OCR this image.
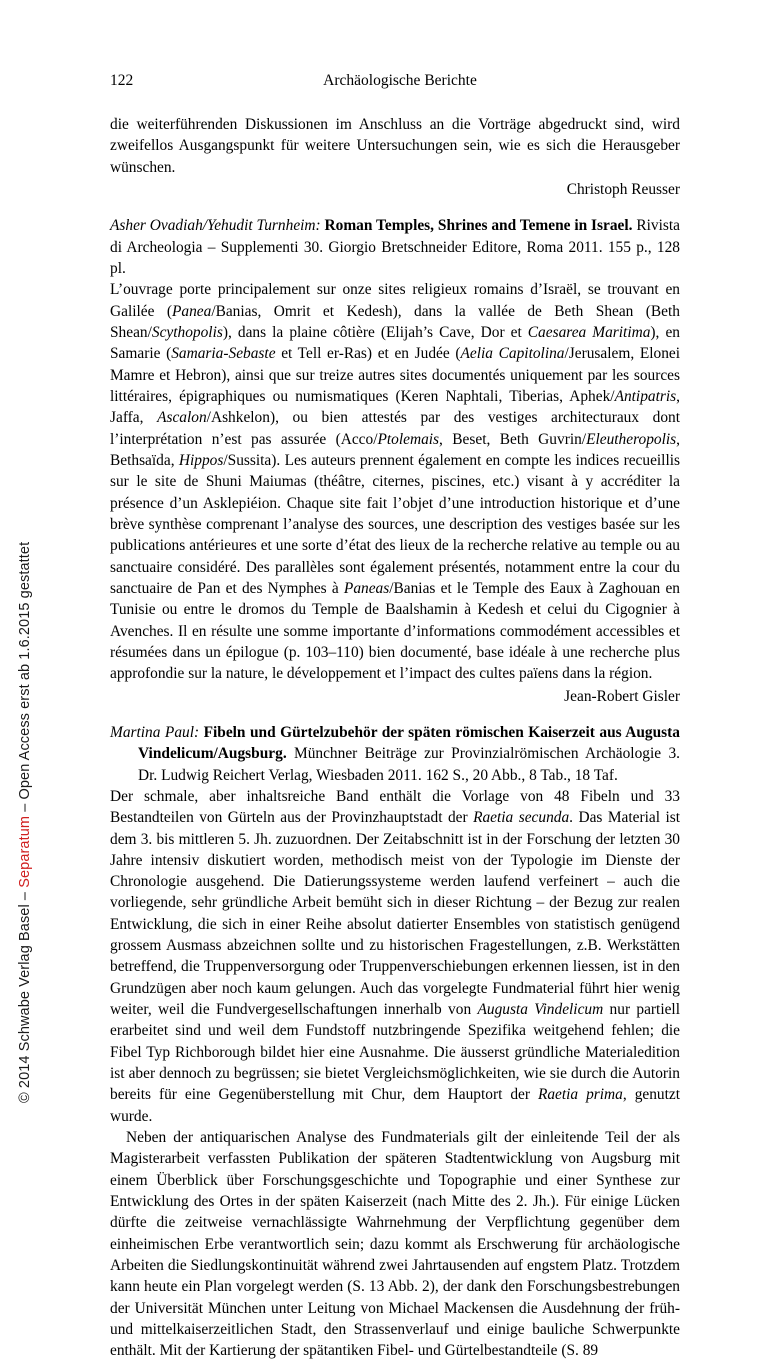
© 2014 Schwabe Verlag Basel – Separatum – Open Access erst ab 1.6.2015 gestattet
122	Archäologische Berichte

die weiterführenden Diskussionen im Anschluss an die Vorträge abgedruckt sind, wird zweifellos Ausgangspunkt für weitere Untersuchungen sein, wie es sich die Herausgeber wünschen.

Christoph Reusser

Asher Ovadiah/Yehudit Turnheim: Roman Temples, Shrines and Temene in Israel. Rivista di Archeologia – Supplementi 30. Giorgio Bretschneider Editore, Roma 2011. 155 p., 128 pl.

L’ouvrage porte principalement sur onze sites religieux romains d’Israël, se trouvant en Galilée (Panea/Banias, Omrit et Kedesh), dans la vallée de Beth Shean (Beth Shean/Scythopolis), dans la plaine côtière (Elijah’s Cave, Dor et Caesarea Maritima), en Samarie (Samaria-Sebaste et Tell er-Ras) et en Judée (Aelia Capitolina/Jerusalem, Elonei Mamre et Hebron), ainsi que sur treize autres sites documentés uniquement par les sources littéraires, épigraphiques ou numismatiques (Keren Naphtali, Tiberias, Aphek/Antipatris, Jaffa, Ascalon/Ashkelon), ou bien attestés par des vestiges architecturaux dont l’interprétation n’est pas assurée (Acco/Ptolemais, Beset, Beth Guvrin/Eleutheropolis, Bethsaïda, Hippos/Sussita). Les auteurs prennent également en compte les indices recueillis sur le site de Shuni Maiumas (théâtre, citernes, piscines, etc.) visant à y accréditer la présence d’un Asklepiéion. Chaque site fait l’objet d’une introduction historique et d’une brève synthèse comprenant l’analyse des sources, une description des vestiges basée sur les publications antérieures et une sorte d’état des lieux de la recherche relative au temple ou au sanctuaire considéré. Des parallèles sont également présentés, notamment entre la cour du sanctuaire de Pan et des Nymphes à Paneas/Banias et le Temple des Eaux à Zaghouan en Tunisie ou entre le dromos du Temple de Baalshamin à Kedesh et celui du Cigognier à Avenches. Il en résulte une somme importante d’informations commodément accessibles et résumées dans un épilogue (p. 103–110) bien documenté, base idéale à une recherche plus approfondie sur la nature, le développement et l’impact des cultes païens dans la région.

Jean-Robert Gisler

Martina Paul: Fibeln und Gürtelzubehör der späten römischen Kaiserzeit aus Augusta Vindelicum/Augsburg. Münchner Beiträge zur Provinzialrömischen Archäologie 3. Dr. Ludwig Reichert Verlag, Wiesbaden 2011. 162 S., 20 Abb., 8 Tab., 18 Taf.

Der schmale, aber inhaltsreiche Band enthält die Vorlage von 48 Fibeln und 33 Bestandteilen von Gürteln aus der Provinzhauptstadt der Raetia secunda. Das Material ist dem 3. bis mittleren 5. Jh. zuzuordnen. Der Zeitabschnitt ist in der Forschung der letzten 30 Jahre intensiv diskutiert worden, methodisch meist von der Typologie im Dienste der Chronologie ausgehend. Die Datierungssysteme werden laufend verfeinert – auch die vorliegende, sehr gründliche Arbeit bemüht sich in dieser Richtung – der Bezug zur realen Entwicklung, die sich in einer Reihe absolut datierter Ensembles von statistisch genügend grossem Ausmass abzeichnen sollte und zu historischen Fragestellungen, z.B. Werkstätten betreffend, die Truppenversorgung oder Truppenverschiebungen erkennen liessen, ist in den Grundzügen aber noch kaum gelungen. Auch das vorgelegte Fundmaterial führt hier wenig weiter, weil die Fundvergesellschaftungen innerhalb von Augusta Vindelicum nur partiell erarbeitet sind und weil dem Fundstoff nutzbringende Spezifika weitgehend fehlen; die Fibel Typ Richborough bildet hier eine Ausnahme. Die äusserst gründliche Materialedition ist aber dennoch zu begrüssen; sie bietet Vergleichsmöglichkeiten, wie sie durch die Autorin bereits für eine Gegenüberstellung mit Chur, dem Hauptort der Raetia prima, genutzt wurde.

Neben der antiquarischen Analyse des Fundmaterials gilt der einleitende Teil der als Magisterarbeit verfassten Publikation der späteren Stadtentwicklung von Augsburg mit einem Überblick über Forschungsgeschichte und Topographie und einer Synthese zur Entwicklung des Ortes in der späten Kaiserzeit (nach Mitte des 2. Jh.). Für einige Lücken dürfte die zeitweise vernachlässigte Wahrnehmung der Verpflichtung gegenüber dem einheimischen Erbe verantwortlich sein; dazu kommt als Erschwerung für archäologische Arbeiten die Siedlungskontinuität während zwei Jahrtausenden auf engstem Platz. Trotzdem kann heute ein Plan vorgelegt werden (S. 13 Abb. 2), der dank den Forschungsbestrebungen der Universität München unter Leitung von Michael Mackensen die Ausdehnung der früh- und mittelkaiserzeitlichen Stadt, den Strassenverlauf und einige bauliche Schwerpunkte enthält. Mit der Kartierung der spätantiken Fibel- und Gürtelbestandteile (S. 89
